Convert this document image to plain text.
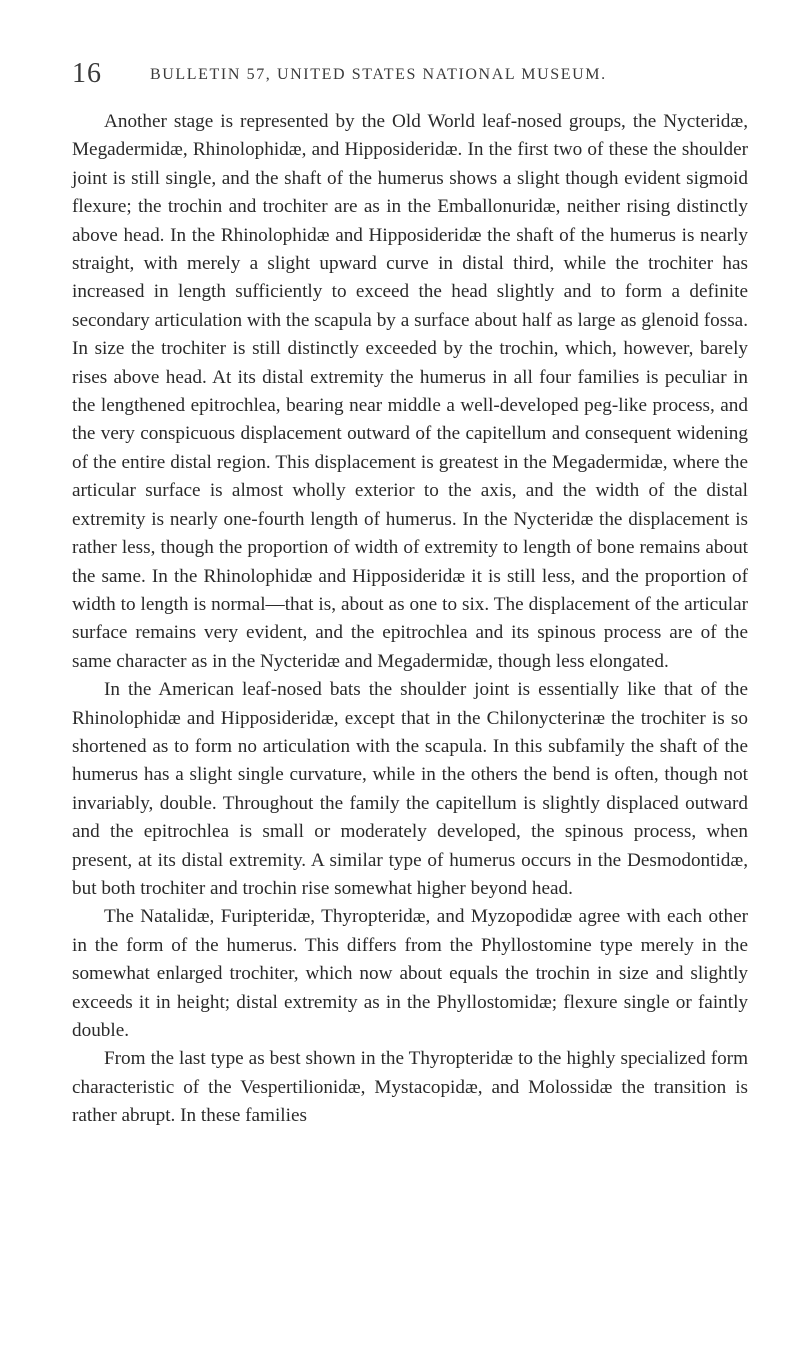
16	BULLETIN 57, UNITED STATES NATIONAL MUSEUM.

Another stage is represented by the Old World leaf-nosed groups, the Nycteridæ, Megadermidæ, Rhinolophidæ, and Hipposideridæ. In the first two of these the shoulder joint is still single, and the shaft of the humerus shows a slight though evident sigmoid flexure; the trochin and trochiter are as in the Emballonuridæ, neither rising distinctly above head. In the Rhinolophidæ and Hipposideridæ the shaft of the humerus is nearly straight, with merely a slight upward curve in distal third, while the trochiter has increased in length sufficiently to exceed the head slightly and to form a definite secondary articulation with the scapula by a surface about half as large as glenoid fossa. In size the trochiter is still distinctly exceeded by the trochin, which, however, barely rises above head. At its distal extremity the humerus in all four families is peculiar in the lengthened epitrochlea, bearing near middle a well-developed peg-like process, and the very conspicuous displacement outward of the capitellum and consequent widening of the entire distal region. This displacement is greatest in the Megadermidæ, where the articular surface is almost wholly exterior to the axis, and the width of the distal extremity is nearly one-fourth length of humerus. In the Nycteridæ the displacement is rather less, though the proportion of width of extremity to length of bone remains about the same. In the Rhinolophidæ and Hipposideridæ it is still less, and the proportion of width to length is normal—that is, about as one to six. The displacement of the articular surface remains very evident, and the epitrochlea and its spinous process are of the same character as in the Nycteridæ and Megadermidæ, though less elongated.

In the American leaf-nosed bats the shoulder joint is essentially like that of the Rhinolophidæ and Hipposideridæ, except that in the Chilonycterinæ the trochiter is so shortened as to form no articulation with the scapula. In this subfamily the shaft of the humerus has a slight single curvature, while in the others the bend is often, though not invariably, double. Throughout the family the capitellum is slightly displaced outward and the epitrochlea is small or moderately developed, the spinous process, when present, at its distal extremity. A similar type of humerus occurs in the Desmodontidæ, but both trochiter and trochin rise somewhat higher beyond head.

The Natalidæ, Furipteridæ, Thyropteridæ, and Myzopodidæ agree with each other in the form of the humerus. This differs from the Phyllostomine type merely in the somewhat enlarged trochiter, which now about equals the trochin in size and slightly exceeds it in height; distal extremity as in the Phyllostomidæ; flexure single or faintly double.

From the last type as best shown in the Thyropteridæ to the highly specialized form characteristic of the Vespertilionidæ, Mystacopidæ, and Molossidæ the transition is rather abrupt. In these families
